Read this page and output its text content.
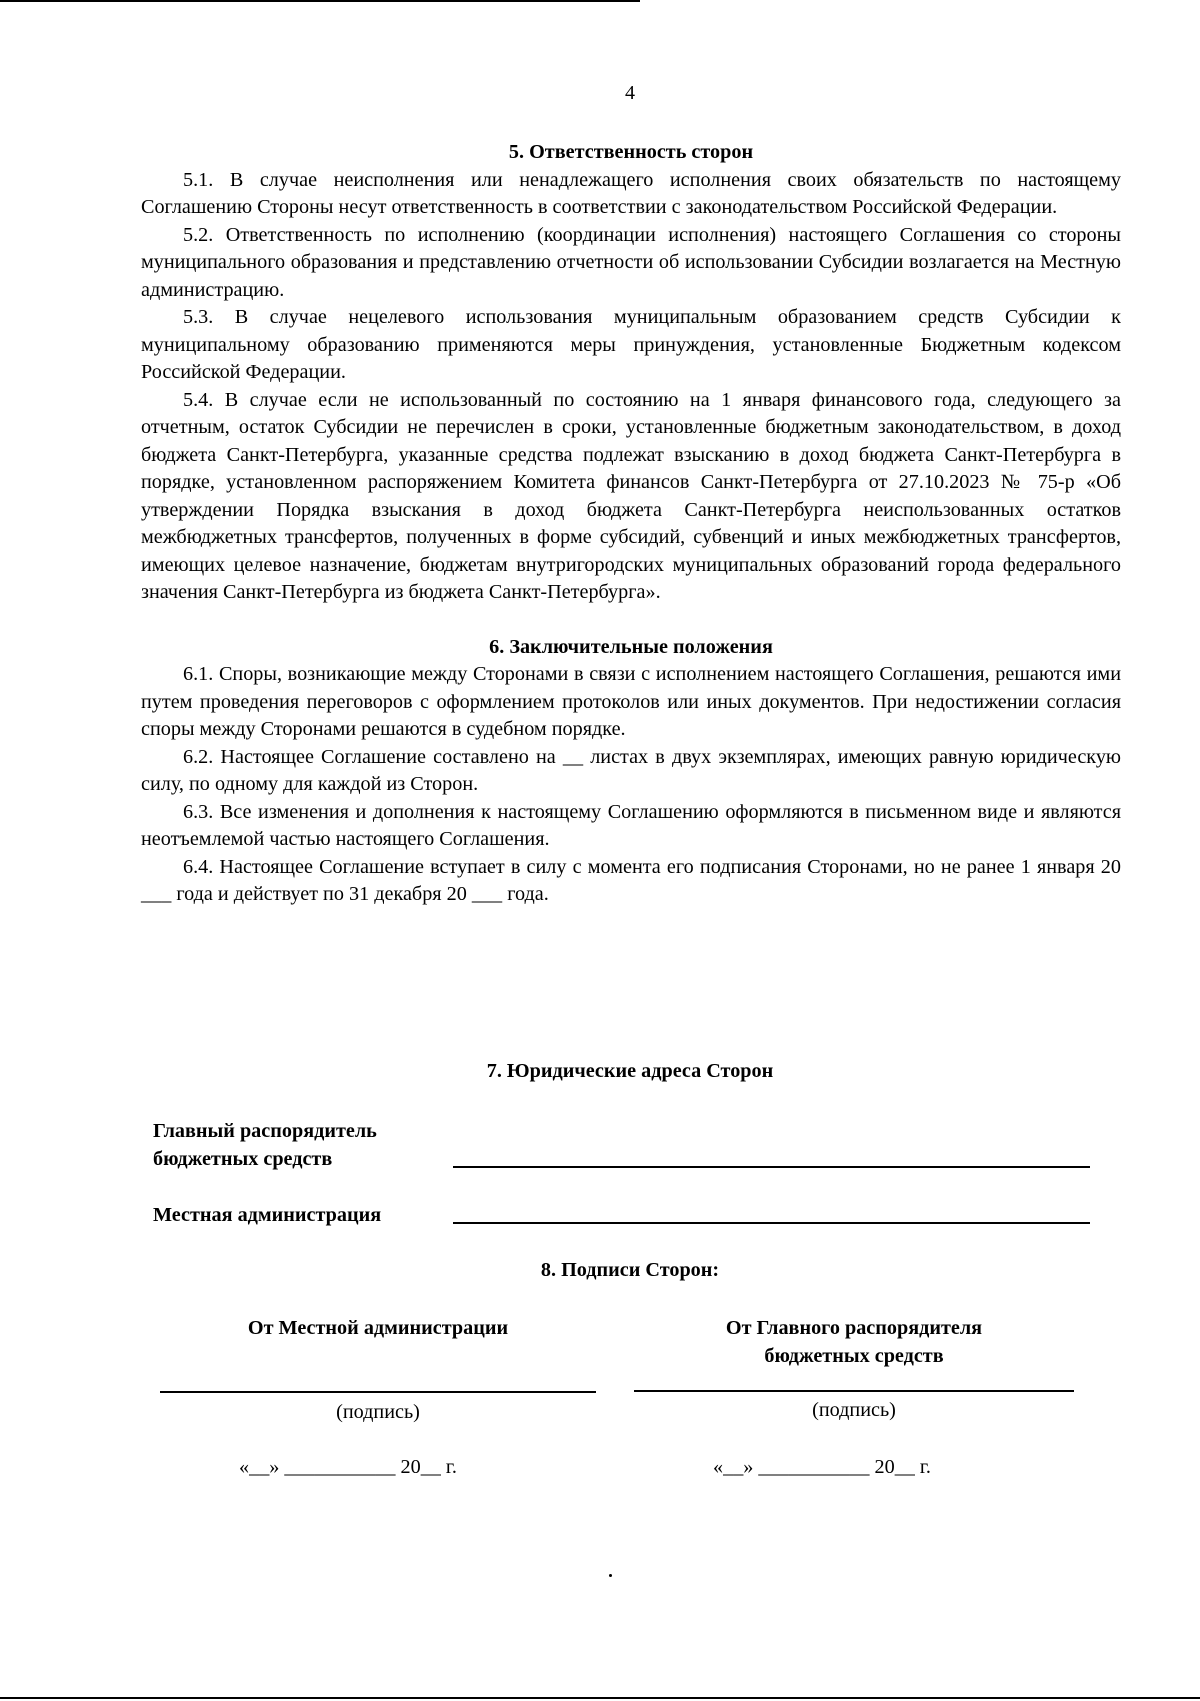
4

5. Ответственность сторон

5.1. В случае неисполнения или ненадлежащего исполнения своих обязательств по настоящему Соглашению Стороны несут ответственность в соответствии с законодательством Российской Федерации.

5.2. Ответственность по исполнению (координации исполнения) настоящего Соглашения со стороны муниципального образования и представлению отчетности об использовании Субсидии возлагается на Местную администрацию.

5.3. В случае нецелевого использования муниципальным образованием средств Субсидии к муниципальному образованию применяются меры принуждения, установленные Бюджетным кодексом Российской Федерации.

5.4. В случае если не использованный по состоянию на 1 января финансового года, следующего за отчетным, остаток Субсидии не перечислен в сроки, установленные бюджетным законодательством, в доход бюджета Санкт-Петербурга, указанные средства подлежат взысканию в доход бюджета Санкт-Петербурга в порядке, установленном распоряжением Комитета финансов Санкт-Петербурга от 27.10.2023 № 75-р «Об утверждении Порядка взыскания в доход бюджета Санкт-Петербурга неиспользованных остатков межбюджетных трансфертов, полученных в форме субсидий, субвенций и иных межбюджетных трансфертов, имеющих целевое назначение, бюджетам внутригородских муниципальных образований города федерального значения Санкт-Петербурга из бюджета Санкт-Петербурга».

6. Заключительные положения

6.1. Споры, возникающие между Сторонами в связи с исполнением настоящего Соглашения, решаются ими путем проведения переговоров с оформлением протоколов или иных документов. При недостижении согласия споры между Сторонами решаются в судебном порядке.

6.2. Настоящее Соглашение составлено на __ листах в двух экземплярах, имеющих равную юридическую силу, по одному для каждой из Сторон.

6.3. Все изменения и дополнения к настоящему Соглашению оформляются в письменном виде и являются неотъемлемой частью настоящего Соглашения.

6.4. Настоящее Соглашение вступает в силу с момента его подписания Сторонами, но не ранее 1 января 20 ___ года и действует по 31 декабря 20 ___ года.

7. Юридические адреса Сторон
Главный распорядитель
бюджетных средств
Местная администрация
8. Подписи Сторон:
От Местной администрации	От Главного распорядителя
бюджетных средств
(подпись)	(подпись)
«__» ___________ 20__ г.	«__» ___________ 20__ г.
